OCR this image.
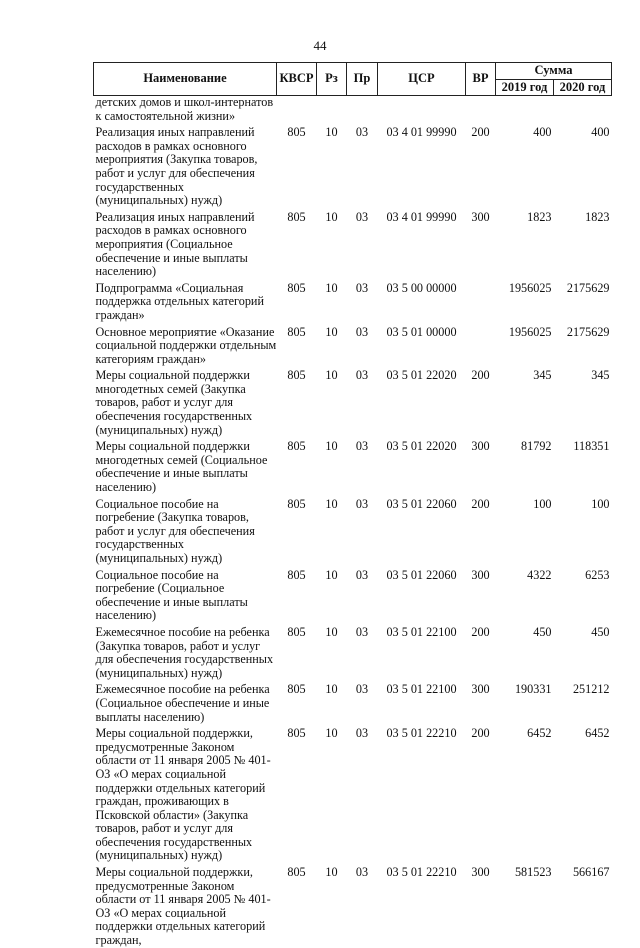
44
Наименование	КВСР	Рз	Пр	ЦСР	ВР	Сумма	
						2019 год	2020 год
детских домов и школ-интернатов к самостоятельной жизни»							

Реализация иных направлений расходов в рамках основного мероприятия (Закупка товаров, работ и услуг для обеспечения государственных (муниципальных) нужд)	805	10	03	03 4 01 99990	200	400	400

Реализация иных направлений расходов в рамках основного мероприятия (Социальное обеспечение и иные выплаты населению)	805	10	03	03 4 01 99990	300	1823	1823

Подпрограмма «Социальная поддержка отдельных категорий граждан»	805	10	03	03 5 00 00000		1956025	2175629

Основное мероприятие «Оказание социальной поддержки отдельным категориям граждан»	805	10	03	03 5 01 00000		1956025	2175629

Меры социальной поддержки многодетных семей (Закупка товаров, работ и услуг для обеспечения государственных (муниципальных) нужд)	805	10	03	03 5 01 22020	200	345	345

Меры социальной поддержки многодетных семей (Социальное обеспечение и иные выплаты населению)	805	10	03	03 5 01 22020	300	81792	118351

Социальное пособие на погребение (Закупка товаров, работ и услуг для обеспечения государственных (муниципальных) нужд)	805	10	03	03 5 01 22060	200	100	100

Социальное пособие на погребение (Социальное обеспечение и иные выплаты населению)	805	10	03	03 5 01 22060	300	4322	6253

Ежемесячное пособие на ребенка (Закупка товаров, работ и услуг для обеспечения государственных (муниципальных) нужд)	805	10	03	03 5 01 22100	200	450	450

Ежемесячное пособие на ребенка (Социальное обеспечение и иные выплаты населению)	805	10	03	03 5 01 22100	300	190331	251212

Меры социальной поддержки, предусмотренные Законом области от 11 января 2005 № 401-ОЗ «О мерах социальной поддержки отдельных категорий граждан, проживающих в Псковской области» (Закупка товаров, работ и услуг для обеспечения государственных (муниципальных) нужд)	805	10	03	03 5 01 22210	200	6452	6452

Меры социальной поддержки, предусмотренные Законом области от 11 января 2005 № 401-ОЗ «О мерах социальной поддержки отдельных категорий граждан,	805	10	03	03 5 01 22210	300	581523	566167
